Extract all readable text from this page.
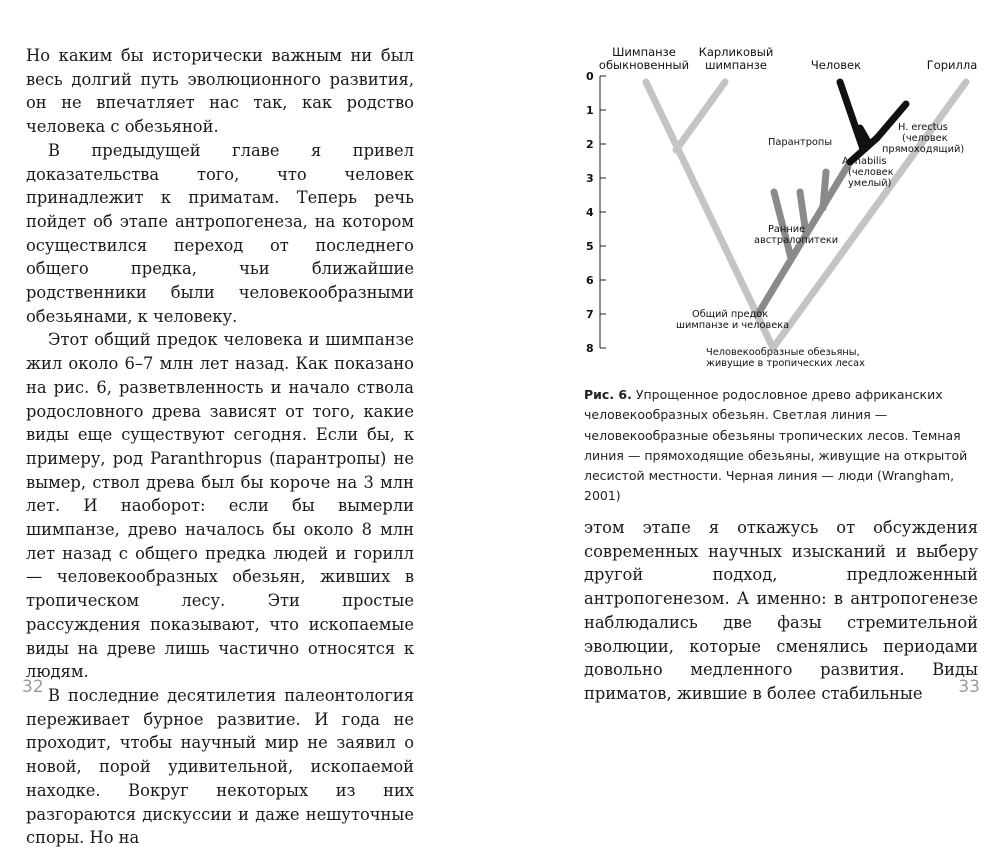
Но каким бы исторически важным ни был весь долгий путь эволюционного развития, он не впечатляет нас так, как родство человека с обезьяной.

В предыдущей главе я привел доказательства того, что человек принадлежит к приматам. Теперь речь пойдет об этапе антропогенеза, на котором осуществился переход от последнего общего предка, чьи ближайшие родственники были человекообразными обезьянами, к человеку.

Этот общий предок человека и шимпанзе жил около 6–7 млн лет назад. Как показано на рис. 6, разветвленность и начало ствола родословного древа зависят от того, какие виды еще существуют сегодня. Если бы, к примеру, род Paranthropus (парантропы) не вымер, ствол древа был бы короче на 3 млн лет. И наоборот: если бы вымерли шимпанзе, древо началось бы около 8 млн лет назад с общего предка людей и горилл — человекообразных обезьян, живших в тропическом лесу. Эти простые рассуждения показывают, что ископаемые виды на древе лишь частично относятся к людям.

В последние десятилетия палеонтология переживает бурное развитие. И года не проходит, чтобы научный мир не заявил о новой, порой удивительной, ископаемой находке. Вокруг некоторых из них разгораются дискуссии и даже нешуточные споры. Но на

32
0
1
2
3
4
5
6
7
8
Шимпанзе
обыкновенный
Карликовый
шимпанзе	Человек	Горилла
Парантропы
H. erectus
(человек
прямоходящий)
A. habilis
(человек
умелый)
Ранние
австралопитеки
Общий предок
шимпанзе и человека
Человекообразные обезьяны,
живущие в тропических лесах
Рис. 6. Упрощенное родословное древо африканских человекообразных обезьян. Светлая линия — человекообразные обезьяны тропических лесов. Темная линия — прямоходящие обезьяны, живущие на открытой лесистой местности. Черная линия — люди (Wrangham, 2001)

этом этапе я откажусь от обсуждения современных научных изысканий и выберу другой подход, предложенный антропогенезом. А именно: в антропогенезе наблюдались две фазы стремительной эволюции, которые сменялись периодами довольно медленного развития. Виды приматов, жившие в более стабильные	33
